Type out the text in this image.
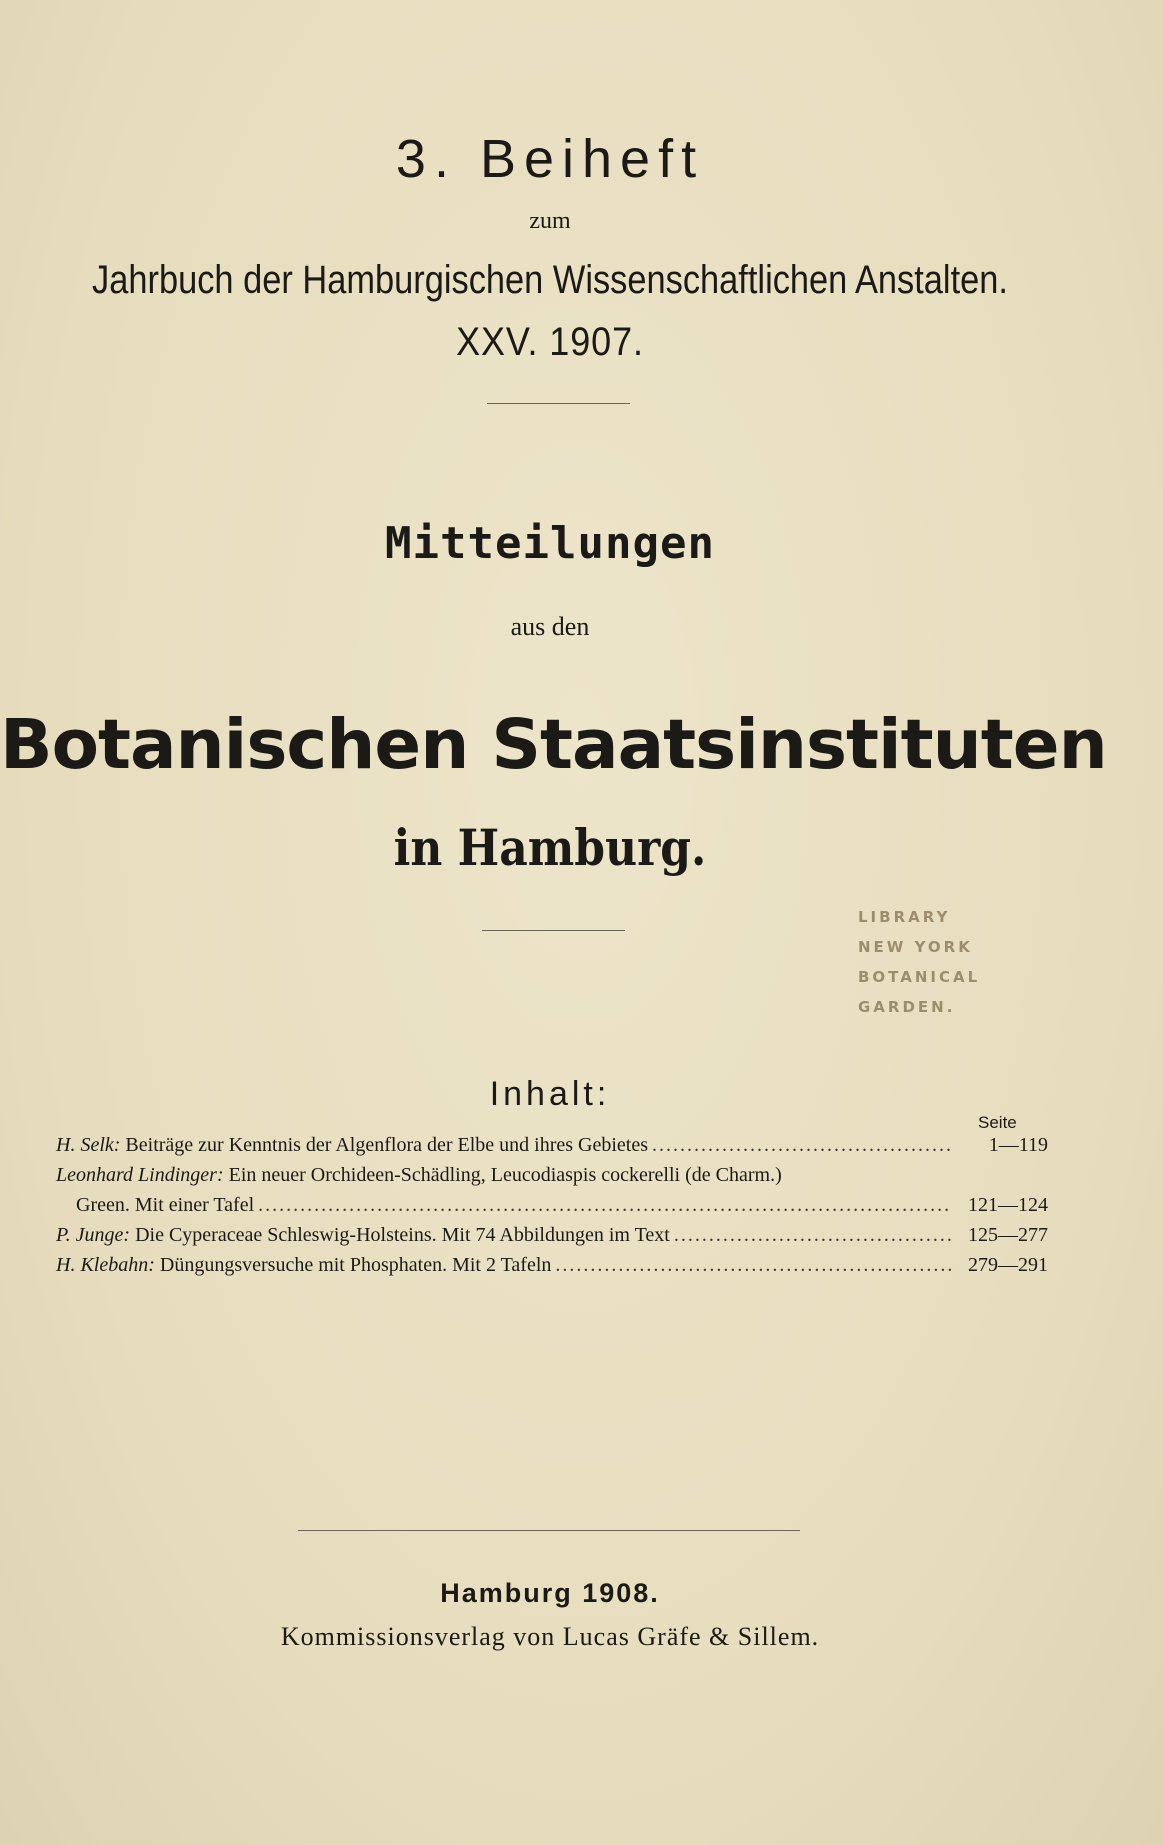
3. Beiheft
zum
Jahrbuch der Hamburgischen Wissenschaftlichen Anstalten.
XXV. 1907.
Mitteilungen
aus den
Botanischen Staatsinstituten
in Hamburg.
LIBRARY
NEW YORK
BOTANICAL
GARDEN.
Inhalt:
Seite
H. Selk: Beiträge zur Kenntnis der Algenflora der Elbe und ihres Gebietes .....	1—119
Leonhard Lindinger: Ein neuer Orchideen-Schädling, Leucodiaspis cockerelli (de Charm.)
Green. Mit einer Tafel .....	121—124
P. Junge: Die Cyperaceae Schleswig-Holsteins. Mit 74 Abbildungen im Text .....	125—277
H. Klebahn: Düngungsversuche mit Phosphaten. Mit 2 Tafeln .....	279—291
Hamburg 1908.
Kommissionsverlag von Lucas Gräfe & Sillem.
